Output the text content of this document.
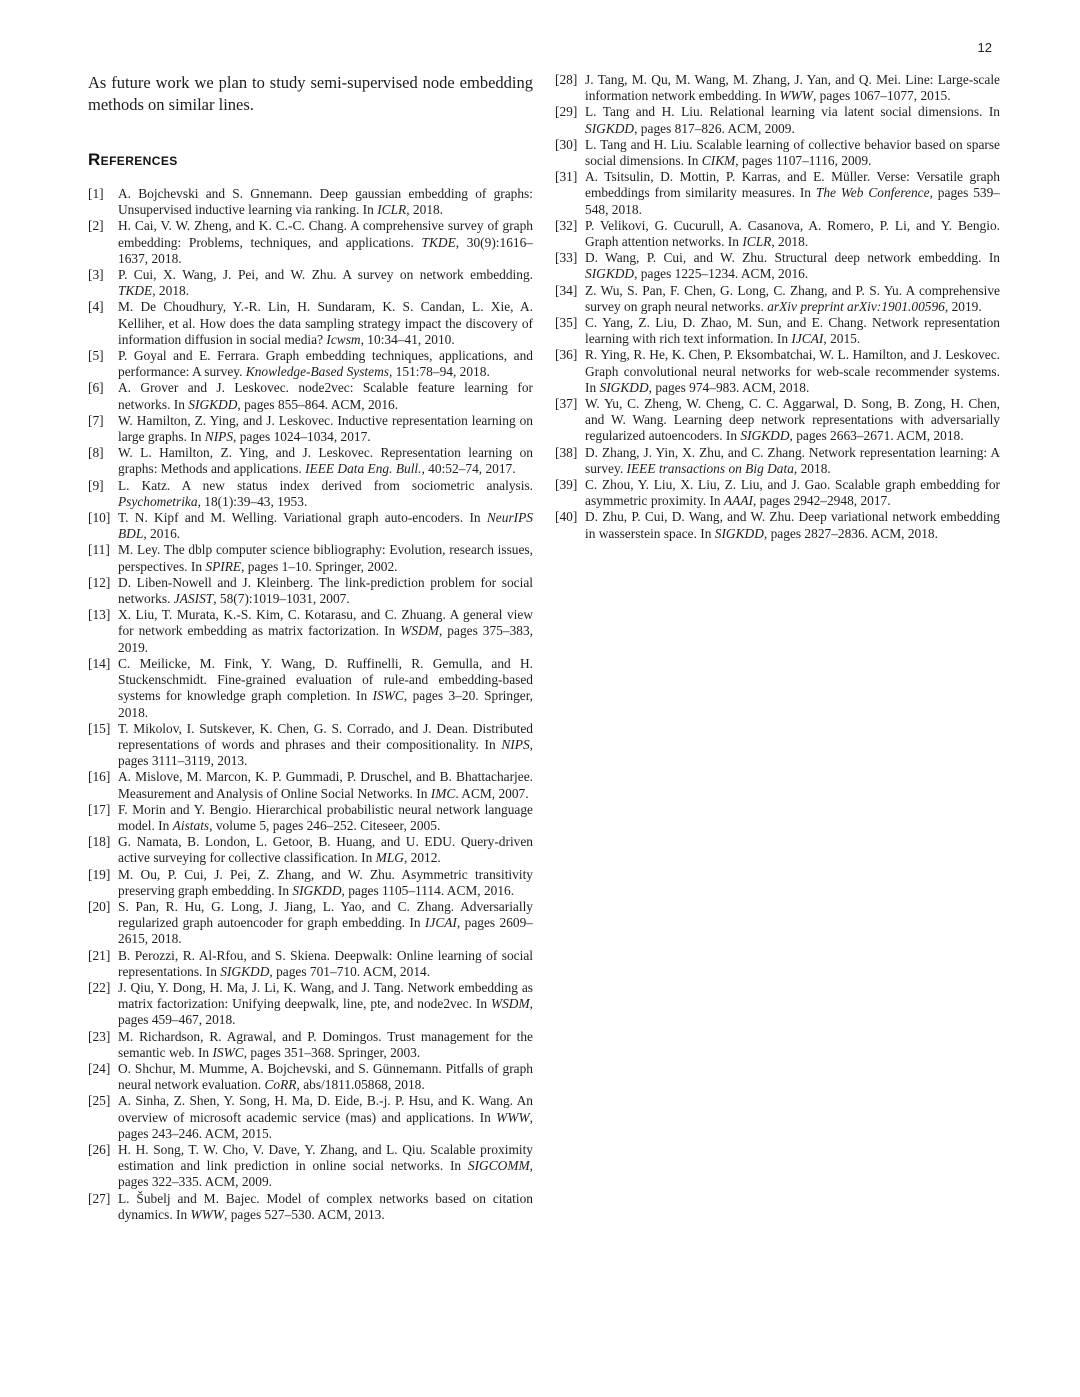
12

As future work we plan to study semi-supervised node embedding methods on similar lines.

References
[1]	A. Bojchevski and S. Gnnemann. Deep gaussian embedding of graphs: Unsupervised inductive learning via ranking. In ICLR, 2018.
[2]	H. Cai, V. W. Zheng, and K. C.-C. Chang. A comprehensive survey of graph embedding: Problems, techniques, and applications. TKDE, 30(9):1616–1637, 2018.
[3]	P. Cui, X. Wang, J. Pei, and W. Zhu. A survey on network embedding. TKDE, 2018.
[4]	M. De Choudhury, Y.-R. Lin, H. Sundaram, K. S. Candan, L. Xie, A. Kelliher, et al. How does the data sampling strategy impact the discovery of information diffusion in social media? Icwsm, 10:34–41, 2010.
[5]	P. Goyal and E. Ferrara. Graph embedding techniques, applications, and performance: A survey. Knowledge-Based Systems, 151:78–94, 2018.
[6]	A. Grover and J. Leskovec. node2vec: Scalable feature learning for networks. In SIGKDD, pages 855–864. ACM, 2016.
[7]	W. Hamilton, Z. Ying, and J. Leskovec. Inductive representation learning on large graphs. In NIPS, pages 1024–1034, 2017.
[8]	W. L. Hamilton, Z. Ying, and J. Leskovec. Representation learning on graphs: Methods and applications. IEEE Data Eng. Bull., 40:52–74, 2017.
[9]	L. Katz. A new status index derived from sociometric analysis. Psychometrika, 18(1):39–43, 1953.
[10] T. N. Kipf and M. Welling. Variational graph auto-encoders. In NeurIPS BDL, 2016.
[11] M. Ley. The dblp computer science bibliography: Evolution, research issues, perspectives. In SPIRE, pages 1–10. Springer, 2002.
[12] D. Liben-Nowell and J. Kleinberg. The link-prediction problem for social networks. JASIST, 58(7):1019–1031, 2007.
[13] X. Liu, T. Murata, K.-S. Kim, C. Kotarasu, and C. Zhuang. A general view for network embedding as matrix factorization. In WSDM, pages 375–383, 2019.
[14] C. Meilicke, M. Fink, Y. Wang, D. Ruffinelli, R. Gemulla, and H. Stuckenschmidt. Fine-grained evaluation of rule-and embedding-based systems for knowledge graph completion. In ISWC, pages 3–20. Springer, 2018.
[15] T. Mikolov, I. Sutskever, K. Chen, G. S. Corrado, and J. Dean. Distributed representations of words and phrases and their compositionality. In NIPS, pages 3111–3119, 2013.
[16] A. Mislove, M. Marcon, K. P. Gummadi, P. Druschel, and B. Bhattacharjee. Measurement and Analysis of Online Social Networks. In IMC. ACM, 2007.
[17] F. Morin and Y. Bengio. Hierarchical probabilistic neural network language model. In Aistats, volume 5, pages 246–252. Citeseer, 2005.
[18] G. Namata, B. London, L. Getoor, B. Huang, and U. EDU. Query-driven active surveying for collective classification. In MLG, 2012.
[19] M. Ou, P. Cui, J. Pei, Z. Zhang, and W. Zhu. Asymmetric transitivity preserving graph embedding. In SIGKDD, pages 1105–1114. ACM, 2016.
[20] S. Pan, R. Hu, G. Long, J. Jiang, L. Yao, and C. Zhang. Adversarially regularized graph autoencoder for graph embedding. In IJCAI, pages 2609–2615, 2018.
[21] B. Perozzi, R. Al-Rfou, and S. Skiena. Deepwalk: Online learning of social representations. In SIGKDD, pages 701–710. ACM, 2014.
[22] J. Qiu, Y. Dong, H. Ma, J. Li, K. Wang, and J. Tang. Network embedding as matrix factorization: Unifying deepwalk, line, pte, and node2vec. In WSDM, pages 459–467, 2018.
[23] M. Richardson, R. Agrawal, and P. Domingos. Trust management for the semantic web. In ISWC, pages 351–368. Springer, 2003.
[24] O. Shchur, M. Mumme, A. Bojchevski, and S. Günnemann. Pitfalls of graph neural network evaluation. CoRR, abs/1811.05868, 2018.
[25] A. Sinha, Z. Shen, Y. Song, H. Ma, D. Eide, B.-j. P. Hsu, and K. Wang. An overview of microsoft academic service (mas) and applications. In WWW, pages 243–246. ACM, 2015.
[26] H. H. Song, T. W. Cho, V. Dave, Y. Zhang, and L. Qiu. Scalable proximity estimation and link prediction in online social networks. In SIGCOMM, pages 322–335. ACM, 2009.
[27] L. Šubelj and M. Bajec. Model of complex networks based on citation dynamics. In WWW, pages 527–530. ACM, 2013.
[28] J. Tang, M. Qu, M. Wang, M. Zhang, J. Yan, and Q. Mei. Line: Large-scale information network embedding. In WWW, pages 1067–1077, 2015.
[29] L. Tang and H. Liu. Relational learning via latent social dimensions. In SIGKDD, pages 817–826. ACM, 2009.
[30] L. Tang and H. Liu. Scalable learning of collective behavior based on sparse social dimensions. In CIKM, pages 1107–1116, 2009.
[31] A. Tsitsulin, D. Mottin, P. Karras, and E. Müller. Verse: Versatile graph embeddings from similarity measures. In The Web Conference, pages 539–548, 2018.
[32] P. Velikovi, G. Cucurull, A. Casanova, A. Romero, P. Li, and Y. Bengio. Graph attention networks. In ICLR, 2018.
[33] D. Wang, P. Cui, and W. Zhu. Structural deep network embedding. In SIGKDD, pages 1225–1234. ACM, 2016.
[34] Z. Wu, S. Pan, F. Chen, G. Long, C. Zhang, and P. S. Yu. A comprehensive survey on graph neural networks. arXiv preprint arXiv:1901.00596, 2019.
[35] C. Yang, Z. Liu, D. Zhao, M. Sun, and E. Chang. Network representation learning with rich text information. In IJCAI, 2015.
[36] R. Ying, R. He, K. Chen, P. Eksombatchai, W. L. Hamilton, and J. Leskovec. Graph convolutional neural networks for web-scale recommender systems. In SIGKDD, pages 974–983. ACM, 2018.
[37] W. Yu, C. Zheng, W. Cheng, C. C. Aggarwal, D. Song, B. Zong, H. Chen, and W. Wang. Learning deep network representations with adversarially regularized autoencoders. In SIGKDD, pages 2663–2671. ACM, 2018.
[38] D. Zhang, J. Yin, X. Zhu, and C. Zhang. Network representation learning: A survey. IEEE transactions on Big Data, 2018.
[39] C. Zhou, Y. Liu, X. Liu, Z. Liu, and J. Gao. Scalable graph embedding for asymmetric proximity. In AAAI, pages 2942–2948, 2017.
[40] D. Zhu, P. Cui, D. Wang, and W. Zhu. Deep variational network embedding in wasserstein space. In SIGKDD, pages 2827–2836. ACM, 2018.
